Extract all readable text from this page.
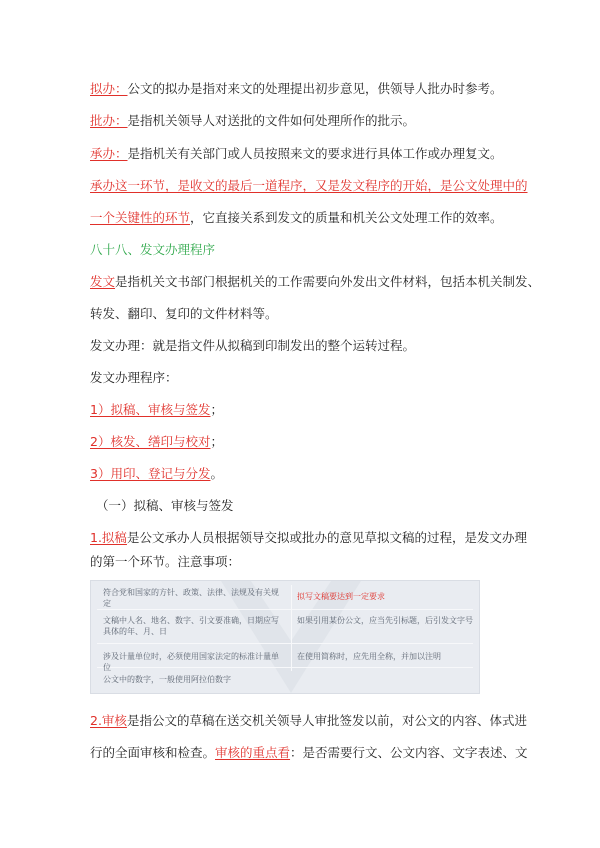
拟办：公文的拟办是指对来文的处理提出初步意见，供领导人批办时参考。
批办：是指机关领导人对送批的文件如何处理所作的批示。
承办：是指机关有关部门或人员按照来文的要求进行具体工作或办理复文。
承办这一环节，是收文的最后一道程序，又是发文程序的开始，是公文处理中的
一个关键性的环节，它直接关系到发文的质量和机关公文处理工作的效率。
八十八、发文办理程序
发文是指机关文书部门根据机关的工作需要向外发出文件材料，包括本机关制发、
转发、翻印、复印的文件材料等。
发文办理：就是指文件从拟稿到印制发出的整个运转过程。
发文办理程序：
1）拟稿、审核与签发；
2）核发、缮印与校对；
3）用印、登记与分发。
（一）拟稿、审核与签发
1.拟稿是公文承办人员根据领导交拟或批办的意见草拟文稿的过程，是发文办理
的第一个环节。注意事项：
符合党和国家的方针、政策、法律、法规及有关规定
拟写文稿要达到一定要求
文稿中人名、地名、数字、引文要准确，日期应写具体的年、月、日
如果引用某份公文，应当先引标题，后引发文字号
涉及计量单位时，必须使用国家法定的标准计量单位
在使用简称时，应先用全称，并加以注明
公文中的数字，一般使用阿拉伯数字
2.审核是指公文的草稿在送交机关领导人审批签发以前，对公文的内容、体式进
行的全面审核和检查。审核的重点看：是否需要行文、公文内容、文字表述、文
